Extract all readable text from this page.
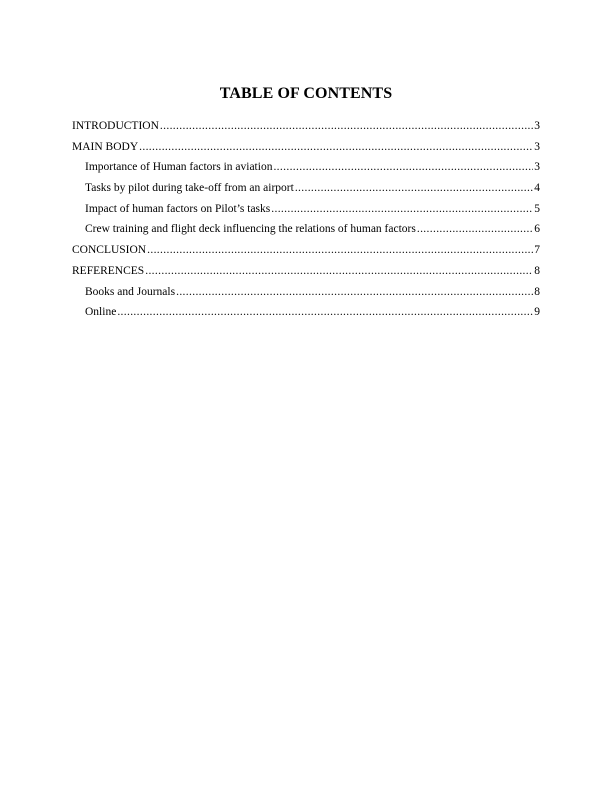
TABLE OF CONTENTS
INTRODUCTION .....	3
MAIN BODY .....	3
Importance of Human factors in aviation .....	3
Tasks by pilot during take-off from an airport .....	4
Impact of human factors on Pilot’s tasks .....	5
Crew training and flight deck influencing the relations of human factors .....	6
CONCLUSION .....	7
REFERENCES .....	8
Books and Journals .....	8
Online .....	9
